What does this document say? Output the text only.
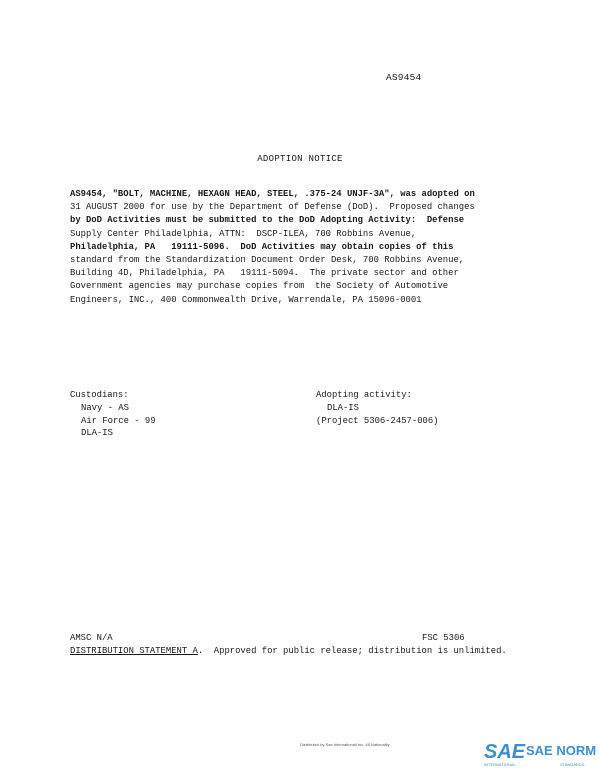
AS9454
ADOPTION NOTICE
AS9454, "BOLT, MACHINE, HEXAGN HEAD, STEEL, .375-24 UNJF-3A", was adopted on
31 AUGUST 2000 for use by the Department of Defense (DoD).  Proposed changes
by DoD Activities must be submitted to the DoD Adopting Activity:  Defense
Supply Center Philadelphia, ATTN:  DSCP-ILEA, 700 Robbins Avenue,
Philadelphia, PA   19111-5096.  DoD Activities may obtain copies of this
standard from the Standardization Document Order Desk, 700 Robbins Avenue,
Building 4D, Philadelphia, PA   19111-5094.  The private sector and other
Government agencies may purchase copies from  the Society of Automotive
Engineers, INC., 400 Commonwealth Drive, Warrendale, PA 15096-0001
Custodians:
Navy - AS
Air Force - 99
DLA-IS
Adopting activity:
DLA-IS
(Project 5306-2457-006)
AMSC N/A	FSC 5306
DISTRIBUTION STATEMENT A.  Approved for public release; distribution is unlimited.
Distributed by Sae Internationali Inc. 46 Nationality	SAE SAE NORM
INTERNATIONAL	STANDARDS
